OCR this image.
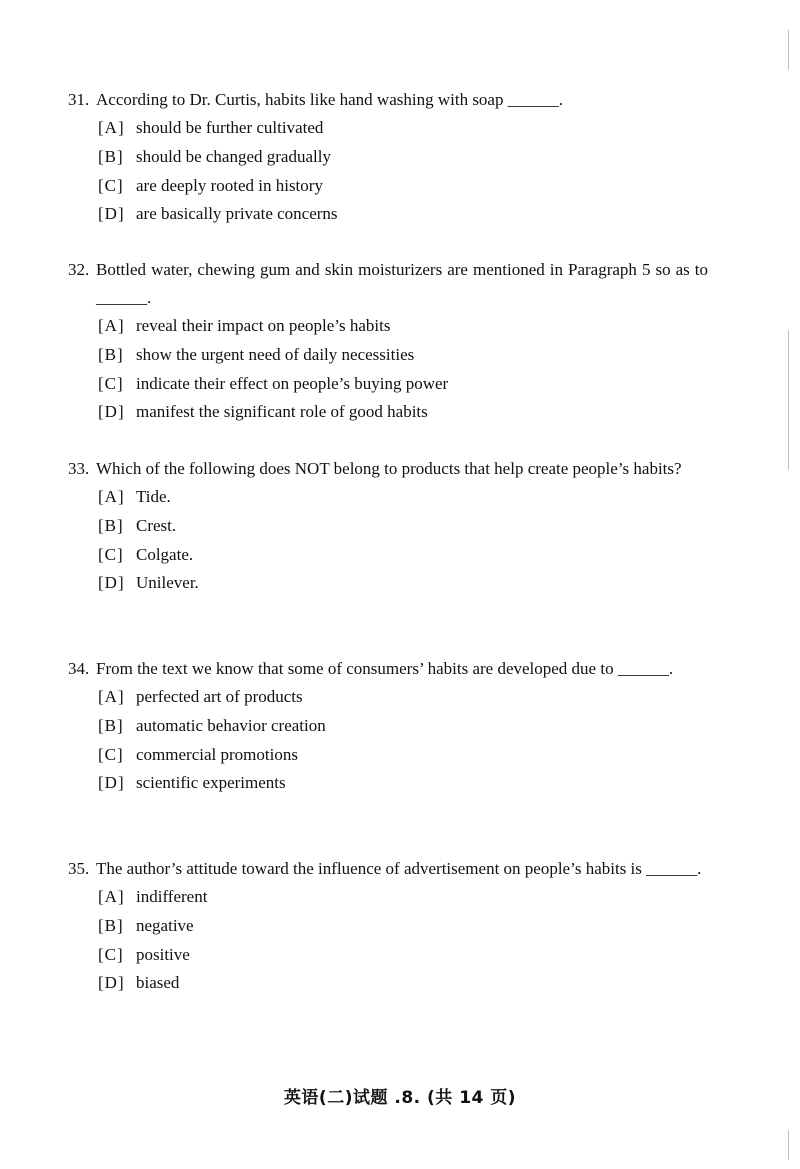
31. According to Dr. Curtis, habits like hand washing with soap ______.
[A] should be further cultivated
[B] should be changed gradually
[C] are deeply rooted in history
[D] are basically private concerns
32. Bottled water, chewing gum and skin moisturizers are mentioned in Paragraph 5 so as to ______.
[A] reveal their impact on people’s habits
[B] show the urgent need of daily necessities
[C] indicate their effect on people’s buying power
[D] manifest the significant role of good habits
33. Which of the following does NOT belong to products that help create people’s habits?
[A] Tide.
[B] Crest.
[C] Colgate.
[D] Unilever.
34. From the text we know that some of consumers’ habits are developed due to ______.
[A] perfected art of products
[B] automatic behavior creation
[C] commercial promotions
[D] scientific experiments
35. The author’s attitude toward the influence of advertisement on people’s habits is ______.
[A] indifferent
[B] negative
[C] positive
[D] biased
英语(二)试题 .8. (共 14 页)
